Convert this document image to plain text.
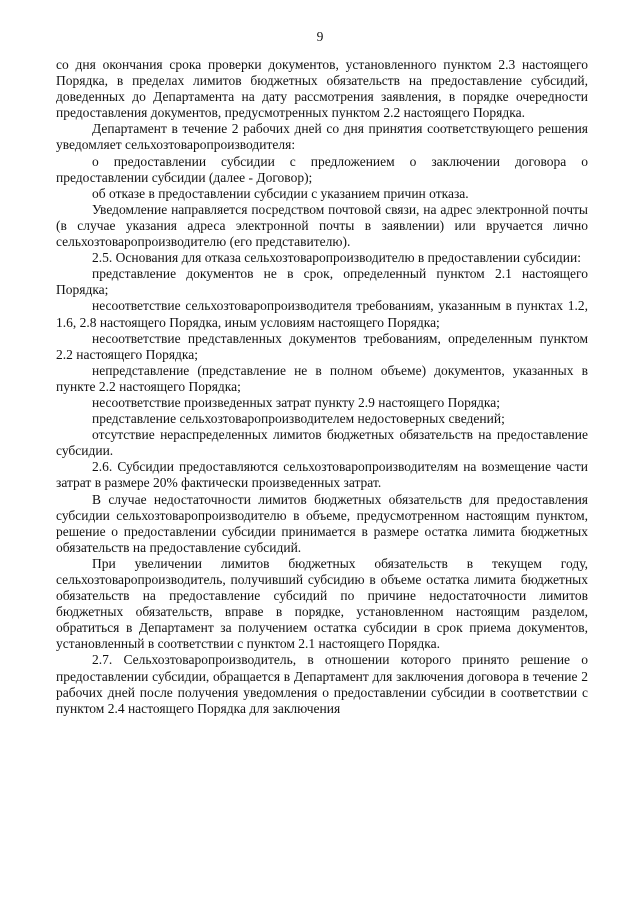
9

со дня окончания срока проверки документов, установленного пунктом 2.3 настоящего Порядка, в пределах лимитов бюджетных обязательств на предоставление субсидий, доведенных до Департамента на дату рассмотрения заявления, в порядке очередности предоставления документов, предусмотренных пунктом 2.2 настоящего Порядка.

Департамент в течение 2 рабочих дней со дня принятия соответствующего решения уведомляет сельхозтоваропроизводителя:

о предоставлении субсидии с предложением о заключении договора о предоставлении субсидии (далее - Договор);

об отказе в предоставлении субсидии с указанием причин отказа.

Уведомление направляется посредством почтовой связи, на адрес электронной почты (в случае указания адреса электронной почты в заявлении) или вручается лично сельхозтоваропроизводителю (его представителю).

2.5. Основания для отказа сельхозтоваропроизводителю в предоставлении субсидии:

представление документов не в срок, определенный пунктом 2.1 настоящего Порядка;

несоответствие сельхозтоваропроизводителя требованиям, указанным в пунктах 1.2, 1.6, 2.8 настоящего Порядка, иным условиям настоящего Порядка;

несоответствие представленных документов требованиям, определенным пунктом 2.2 настоящего Порядка;

непредставление (представление не в полном объеме) документов, указанных в пункте 2.2 настоящего Порядка;

несоответствие произведенных затрат пункту 2.9 настоящего Порядка;

представление сельхозтоваропроизводителем недостоверных сведений;

отсутствие нераспределенных лимитов бюджетных обязательств на предоставление субсидии.

2.6. Субсидии предоставляются сельхозтоваропроизводителям на возмещение части затрат в размере 20% фактически произведенных затрат.

В случае недостаточности лимитов бюджетных обязательств для предоставления субсидии сельхозтоваропроизводителю в объеме, предусмотренном настоящим пунктом, решение о предоставлении субсидии принимается в размере остатка лимита бюджетных обязательств на предоставление субсидий.

При увеличении лимитов бюджетных обязательств в текущем году, сельхозтоваропроизводитель, получивший субсидию в объеме остатка лимита бюджетных обязательств на предоставление субсидий по причине недостаточности лимитов бюджетных обязательств, вправе в порядке, установленном настоящим разделом, обратиться в Департамент за получением остатка субсидии в срок приема документов, установленный в соответствии с пунктом 2.1 настоящего Порядка.

2.7. Сельхозтоваропроизводитель, в отношении которого принято решение о предоставлении субсидии, обращается в Департамент для заключения договора в течение 2 рабочих дней после получения уведомления о предоставлении субсидии в соответствии с пунктом 2.4 настоящего Порядка для заключения
